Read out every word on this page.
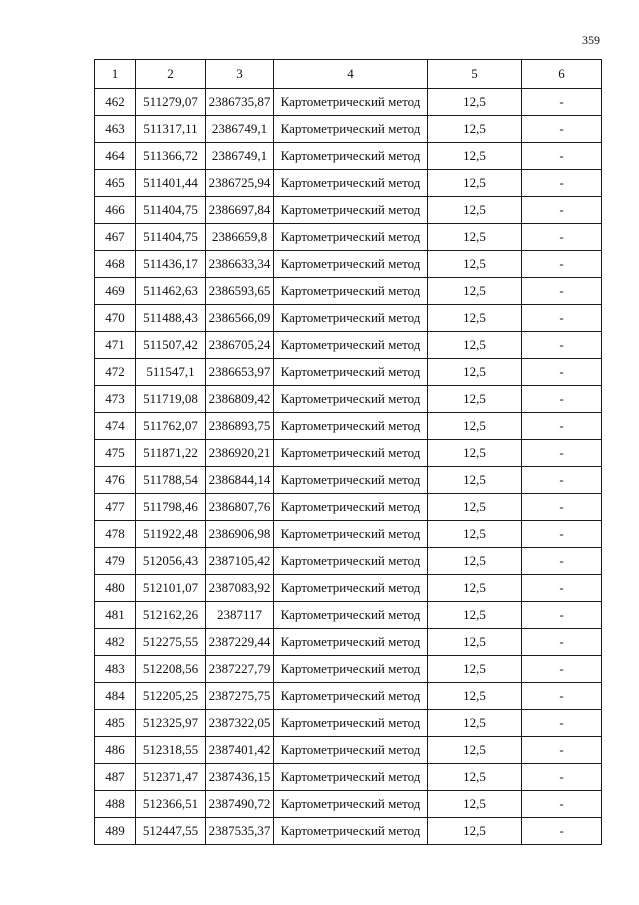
359
1	2	3	4	5	6
462	511279,07	2386735,87	Картометрический метод	12,5	-
463	511317,11	2386749,1	Картометрический метод	12,5	-
464	511366,72	2386749,1	Картометрический метод	12,5	-
465	511401,44	2386725,94	Картометрический метод	12,5	-
466	511404,75	2386697,84	Картометрический метод	12,5	-
467	511404,75	2386659,8	Картометрический метод	12,5	-
468	511436,17	2386633,34	Картометрический метод	12,5	-
469	511462,63	2386593,65	Картометрический метод	12,5	-
470	511488,43	2386566,09	Картометрический метод	12,5	-
471	511507,42	2386705,24	Картометрический метод	12,5	-
472	511547,1	2386653,97	Картометрический метод	12,5	-
473	511719,08	2386809,42	Картометрический метод	12,5	-
474	511762,07	2386893,75	Картометрический метод	12,5	-
475	511871,22	2386920,21	Картометрический метод	12,5	-
476	511788,54	2386844,14	Картометрический метод	12,5	-
477	511798,46	2386807,76	Картометрический метод	12,5	-
478	511922,48	2386906,98	Картометрический метод	12,5	-
479	512056,43	2387105,42	Картометрический метод	12,5	-
480	512101,07	2387083,92	Картометрический метод	12,5	-
481	512162,26	2387117	Картометрический метод	12,5	-
482	512275,55	2387229,44	Картометрический метод	12,5	-
483	512208,56	2387227,79	Картометрический метод	12,5	-
484	512205,25	2387275,75	Картометрический метод	12,5	-
485	512325,97	2387322,05	Картометрический метод	12,5	-
486	512318,55	2387401,42	Картометрический метод	12,5	-
487	512371,47	2387436,15	Картометрический метод	12,5	-
488	512366,51	2387490,72	Картометрический метод	12,5	-
489	512447,55	2387535,37	Картометрический метод	12,5	-
